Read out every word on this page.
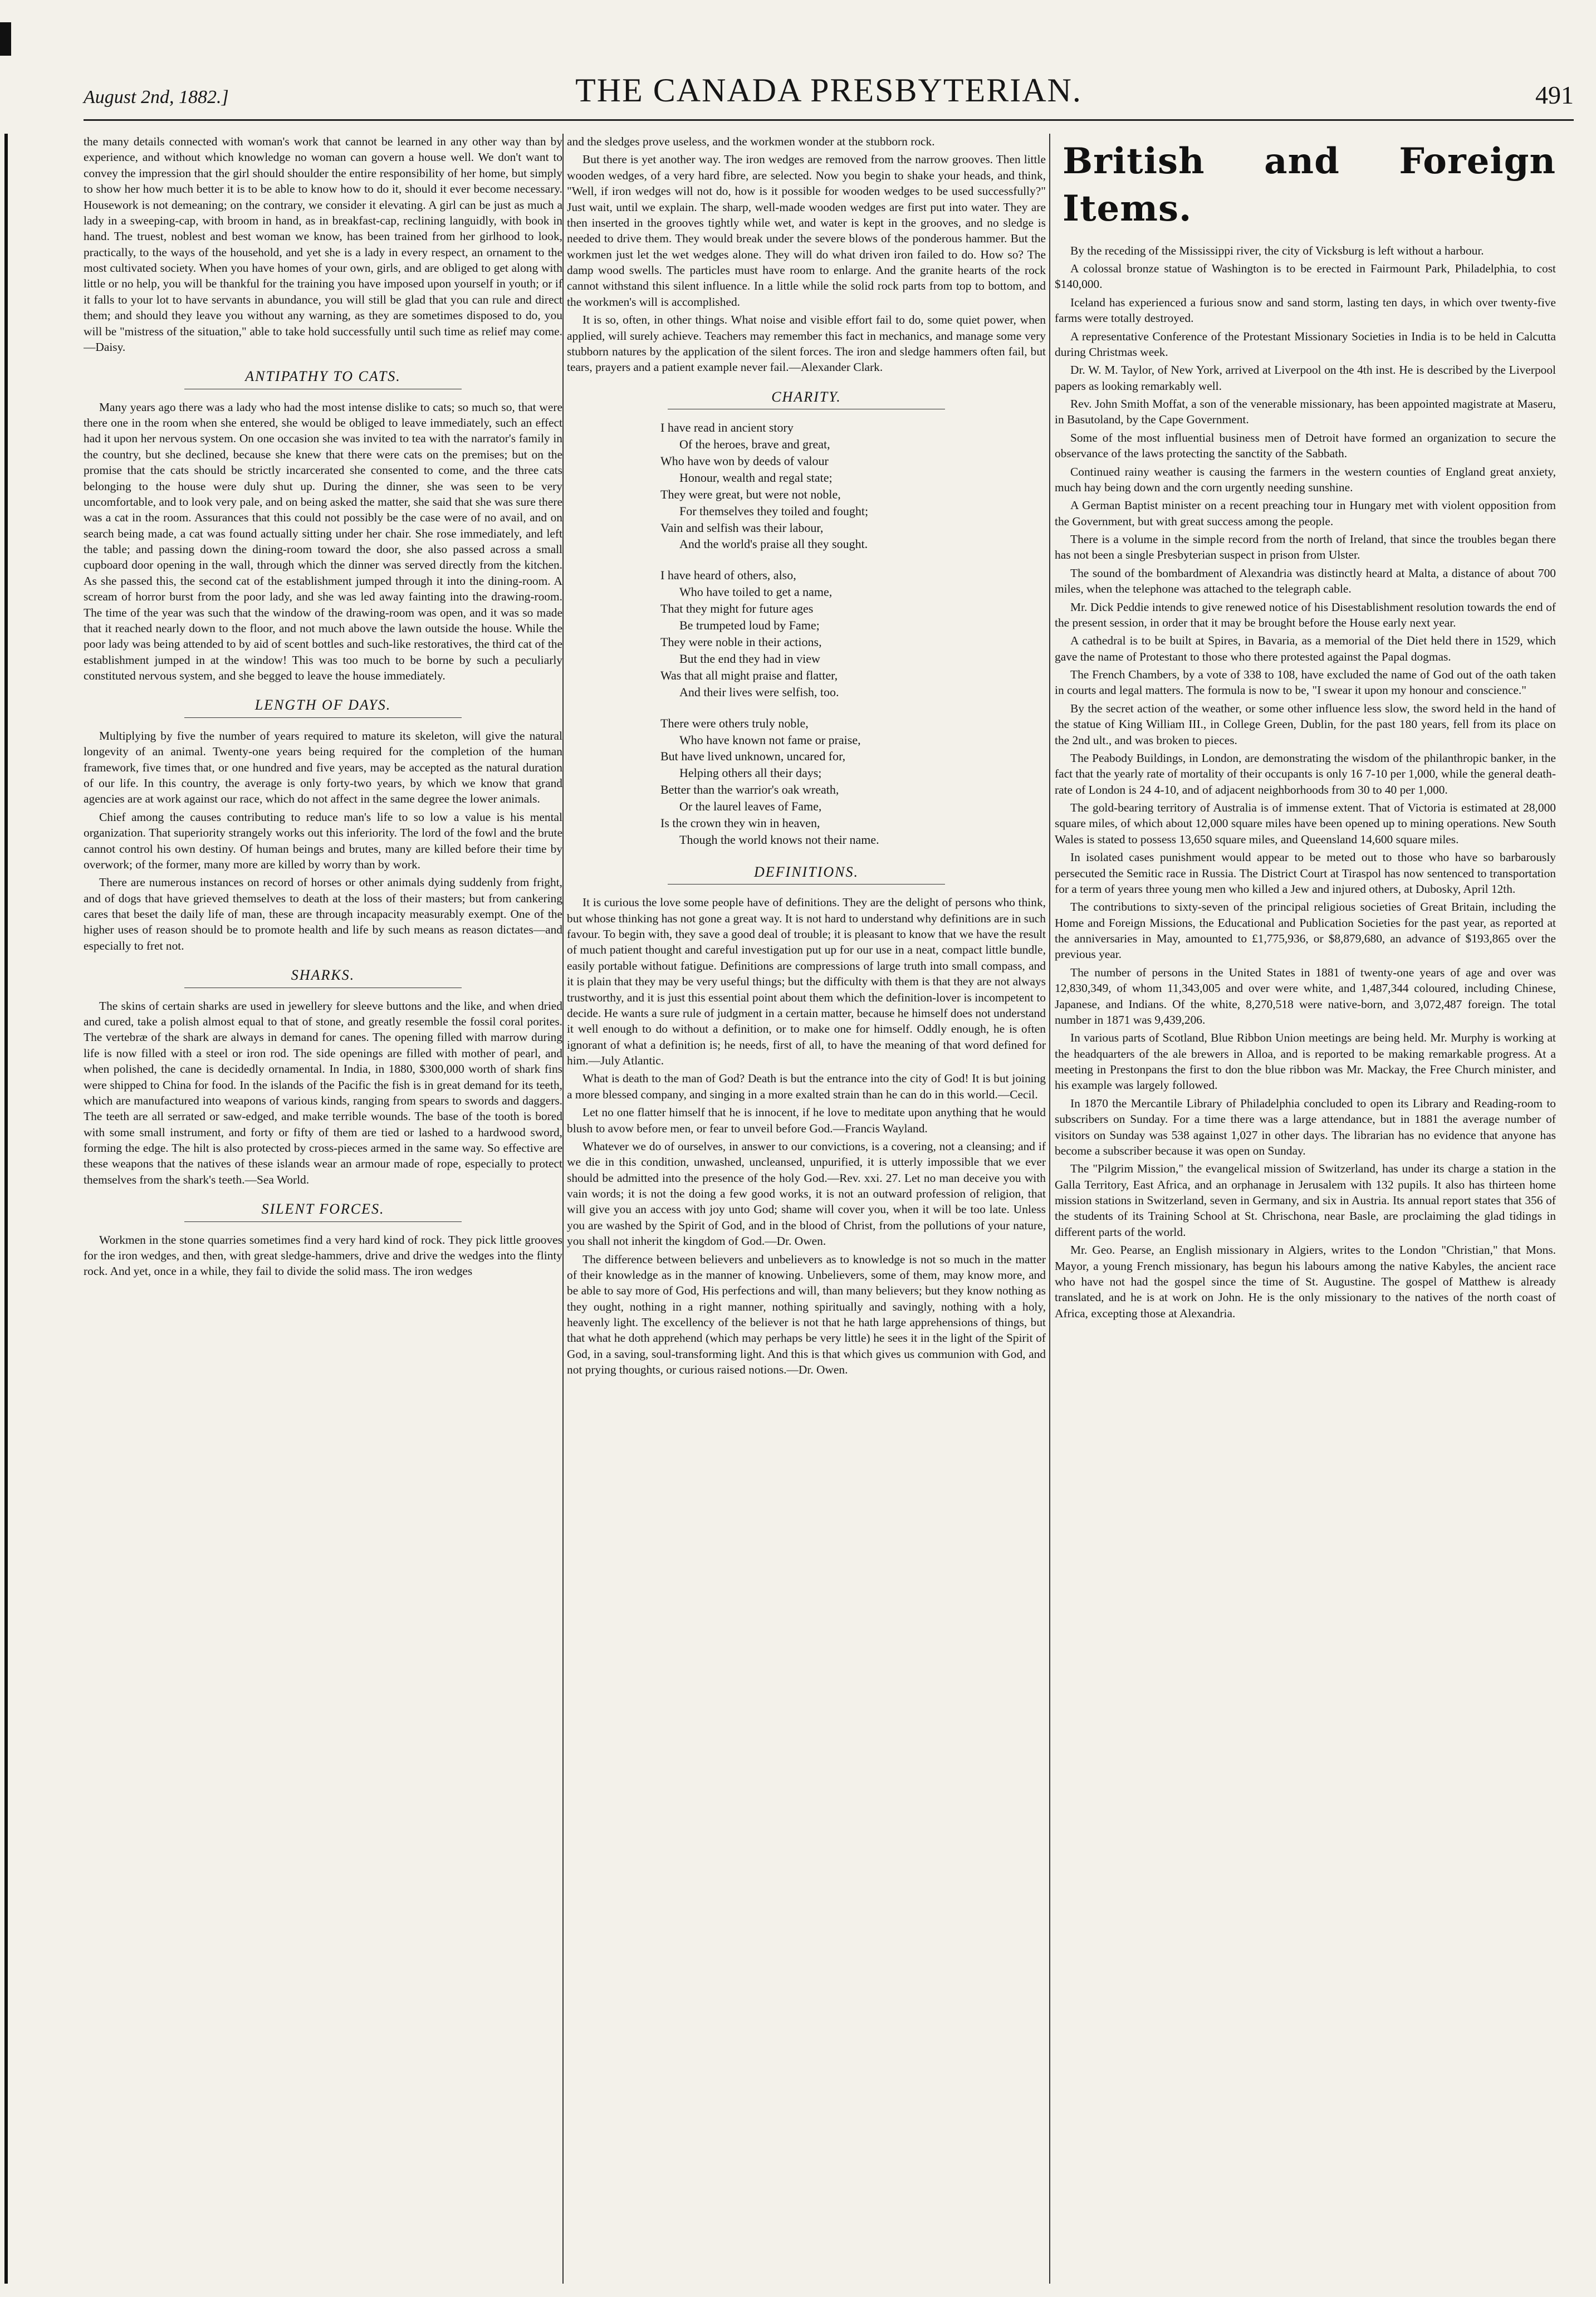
August 2nd, 1882.]	THE CANADA PRESBYTERIAN.	491

the many details connected with woman's work that cannot be learned in any other way than by experience, and without which knowledge no woman can govern a house well. We don't want to convey the impression that the girl should shoulder the entire responsibility of her home, but simply to show her how much better it is to be able to know how to do it, should it ever become necessary. Housework is not demeaning; on the contrary, we consider it elevating. A girl can be just as much a lady in a sweeping-cap, with broom in hand, as in breakfast-cap, reclining languidly, with book in hand. The truest, noblest and best woman we know, has been trained from her girlhood to look, practically, to the ways of the household, and yet she is a lady in every respect, an ornament to the most cultivated society. When you have homes of your own, girls, and are obliged to get along with little or no help, you will be thankful for the training you have imposed upon yourself in youth; or if it falls to your lot to have servants in abundance, you will still be glad that you can rule and direct them; and should they leave you without any warning, as they are sometimes disposed to do, you will be "mistress of the situation," able to take hold successfully until such time as relief may come.—Daisy.

ANTIPATHY TO CATS.

Many years ago there was a lady who had the most intense dislike to cats; so much so, that were there one in the room when she entered, she would be obliged to leave immediately, such an effect had it upon her nervous system. On one occasion she was invited to tea with the narrator's family in the country, but she declined, because she knew that there were cats on the premises; but on the promise that the cats should be strictly incarcerated she consented to come, and the three cats belonging to the house were duly shut up. During the dinner, she was seen to be very uncomfortable, and to look very pale, and on being asked the matter, she said that she was sure there was a cat in the room. Assurances that this could not possibly be the case were of no avail, and on search being made, a cat was found actually sitting under her chair. She rose immediately, and left the table; and passing down the dining-room toward the door, she also passed across a small cupboard door opening in the wall, through which the dinner was served directly from the kitchen. As she passed this, the second cat of the establishment jumped through it into the dining-room. A scream of horror burst from the poor lady, and she was led away fainting into the drawing-room. The time of the year was such that the window of the drawing-room was open, and it was so made that it reached nearly down to the floor, and not much above the lawn outside the house. While the poor lady was being attended to by aid of scent bottles and such-like restoratives, the third cat of the establishment jumped in at the window! This was too much to be borne by such a peculiarly constituted nervous system, and she begged to leave the house immediately.

LENGTH OF DAYS.

Multiplying by five the number of years required to mature its skeleton, will give the natural longevity of an animal. Twenty-one years being required for the completion of the human framework, five times that, or one hundred and five years, may be accepted as the natural duration of our life. In this country, the average is only forty-two years, by which we know that grand agencies are at work against our race, which do not affect in the same degree the lower animals.

Chief among the causes contributing to reduce man's life to so low a value is his mental organization. That superiority strangely works out this inferiority. The lord of the fowl and the brute cannot control his own destiny. Of human beings and brutes, many are killed before their time by overwork; of the former, many more are killed by worry than by work.

There are numerous instances on record of horses or other animals dying suddenly from fright, and of dogs that have grieved themselves to death at the loss of their masters; but from cankering cares that beset the daily life of man, these are through incapacity measurably exempt. One of the higher uses of reason should be to promote health and life by such means as reason dictates—and especially to fret not.

SHARKS.

The skins of certain sharks are used in jewellery for sleeve buttons and the like, and when dried and cured, take a polish almost equal to that of stone, and greatly resemble the fossil coral porites. The vertebræ of the shark are always in demand for canes. The opening filled with marrow during life is now filled with a steel or iron rod. The side openings are filled with mother of pearl, and when polished, the cane is decidedly ornamental. In India, in 1880, $300,000 worth of shark fins were shipped to China for food. In the islands of the Pacific the fish is in great demand for its teeth, which are manufactured into weapons of various kinds, ranging from spears to swords and daggers. The teeth are all serrated or saw-edged, and make terrible wounds. The base of the tooth is bored with some small instrument, and forty or fifty of them are tied or lashed to a hardwood sword, forming the edge. The hilt is also protected by cross-pieces armed in the same way. So effective are these weapons that the natives of these islands wear an armour made of rope, especially to protect themselves from the shark's teeth.—Sea World.

SILENT FORCES.

Workmen in the stone quarries sometimes find a very hard kind of rock. They pick little grooves for the iron wedges, and then, with great sledge-hammers, drive and drive the wedges into the flinty rock. And yet, once in a while, they fail to divide the solid mass. The iron wedges

and the sledges prove useless, and the workmen wonder at the stubborn rock.

But there is yet another way. The iron wedges are removed from the narrow grooves. Then little wooden wedges, of a very hard fibre, are selected. Now you begin to shake your heads, and think, "Well, if iron wedges will not do, how is it possible for wooden wedges to be used successfully?" Just wait, until we explain. The sharp, well-made wooden wedges are first put into water. They are then inserted in the grooves tightly while wet, and water is kept in the grooves, and no sledge is needed to drive them. They would break under the severe blows of the ponderous hammer. But the workmen just let the wet wedges alone. They will do what driven iron failed to do. How so? The damp wood swells. The particles must have room to enlarge. And the granite hearts of the rock cannot withstand this silent influence. In a little while the solid rock parts from top to bottom, and the workmen's will is accomplished.

It is so, often, in other things. What noise and visible effort fail to do, some quiet power, when applied, will surely achieve. Teachers may remember this fact in mechanics, and manage some very stubborn natures by the application of the silent forces. The iron and sledge hammers often fail, but tears, prayers and a patient example never fail.—Alexander Clark.

CHARITY.
I have read in ancient story
Of the heroes, brave and great,
Who have won by deeds of valour
Honour, wealth and regal state;
They were great, but were not noble,
For themselves they toiled and fought;
Vain and selfish was their labour,
And the world's praise all they sought.
I have heard of others, also,
Who have toiled to get a name,
That they might for future ages
Be trumpeted loud by Fame;
They were noble in their actions,
But the end they had in view
Was that all might praise and flatter,
And their lives were selfish, too.
There were others truly noble,
Who have known not fame or praise,
But have lived unknown, uncared for,
Helping others all their days;
Better than the warrior's oak wreath,
Or the laurel leaves of Fame,
Is the crown they win in heaven,
Though the world knows not their name.
DEFINITIONS.

It is curious the love some people have of definitions. They are the delight of persons who think, but whose thinking has not gone a great way. It is not hard to understand why definitions are in such favour. To begin with, they save a good deal of trouble; it is pleasant to know that we have the result of much patient thought and careful investigation put up for our use in a neat, compact little bundle, easily portable without fatigue. Definitions are compressions of large truth into small compass, and it is plain that they may be very useful things; but the difficulty with them is that they are not always trustworthy, and it is just this essential point about them which the definition-lover is incompetent to decide. He wants a sure rule of judgment in a certain matter, because he himself does not understand it well enough to do without a definition, or to make one for himself. Oddly enough, he is often ignorant of what a definition is; he needs, first of all, to have the meaning of that word defined for him.—July Atlantic.

What is death to the man of God? Death is but the entrance into the city of God! It is but joining a more blessed company, and singing in a more exalted strain than he can do in this world.—Cecil.

Let no one flatter himself that he is innocent, if he love to meditate upon anything that he would blush to avow before men, or fear to unveil before God.—Francis Wayland.

Whatever we do of ourselves, in answer to our convictions, is a covering, not a cleansing; and if we die in this condition, unwashed, uncleansed, unpurified, it is utterly impossible that we ever should be admitted into the presence of the holy God.—Rev. xxi. 27. Let no man deceive you with vain words; it is not the doing a few good works, it is not an outward profession of religion, that will give you an access with joy unto God; shame will cover you, when it will be too late. Unless you are washed by the Spirit of God, and in the blood of Christ, from the pollutions of your nature, you shall not inherit the kingdom of God.—Dr. Owen.

The difference between believers and unbelievers as to knowledge is not so much in the matter of their knowledge as in the manner of knowing. Unbelievers, some of them, may know more, and be able to say more of God, His perfections and will, than many believers; but they know nothing as they ought, nothing in a right manner, nothing spiritually and savingly, nothing with a holy, heavenly light. The excellency of the believer is not that he hath large apprehensions of things, but that what he doth apprehend (which may perhaps be very little) he sees it in the light of the Spirit of God, in a saving, soul-transforming light. And this is that which gives us communion with God, and not prying thoughts, or curious raised notions.—Dr. Owen.

British and Foreign Items.

By the receding of the Mississippi river, the city of Vicksburg is left without a harbour.

A colossal bronze statue of Washington is to be erected in Fairmount Park, Philadelphia, to cost $140,000.

Iceland has experienced a furious snow and sand storm, lasting ten days, in which over twenty-five farms were totally destroyed.

A representative Conference of the Protestant Missionary Societies in India is to be held in Calcutta during Christmas week.

Dr. W. M. Taylor, of New York, arrived at Liverpool on the 4th inst. He is described by the Liverpool papers as looking remarkably well.

Rev. John Smith Moffat, a son of the venerable missionary, has been appointed magistrate at Maseru, in Basutoland, by the Cape Government.

Some of the most influential business men of Detroit have formed an organization to secure the observance of the laws protecting the sanctity of the Sabbath.

Continued rainy weather is causing the farmers in the western counties of England great anxiety, much hay being down and the corn urgently needing sunshine.

A German Baptist minister on a recent preaching tour in Hungary met with violent opposition from the Government, but with great success among the people.

There is a volume in the simple record from the north of Ireland, that since the troubles began there has not been a single Presbyterian suspect in prison from Ulster.

The sound of the bombardment of Alexandria was distinctly heard at Malta, a distance of about 700 miles, when the telephone was attached to the telegraph cable.

Mr. Dick Peddie intends to give renewed notice of his Disestablishment resolution towards the end of the present session, in order that it may be brought before the House early next year.

A cathedral is to be built at Spires, in Bavaria, as a memorial of the Diet held there in 1529, which gave the name of Protestant to those who there protested against the Papal dogmas.

The French Chambers, by a vote of 338 to 108, have excluded the name of God out of the oath taken in courts and legal matters. The formula is now to be, "I swear it upon my honour and conscience."

By the secret action of the weather, or some other influence less slow, the sword held in the hand of the statue of King William III., in College Green, Dublin, for the past 180 years, fell from its place on the 2nd ult., and was broken to pieces.

The Peabody Buildings, in London, are demonstrating the wisdom of the philanthropic banker, in the fact that the yearly rate of mortality of their occupants is only 16 7-10 per 1,000, while the general death-rate of London is 24 4-10, and of adjacent neighborhoods from 30 to 40 per 1,000.

The gold-bearing territory of Australia is of immense extent. That of Victoria is estimated at 28,000 square miles, of which about 12,000 square miles have been opened up to mining operations. New South Wales is stated to possess 13,650 square miles, and Queensland 14,600 square miles.

In isolated cases punishment would appear to be meted out to those who have so barbarously persecuted the Semitic race in Russia. The District Court at Tiraspol has now sentenced to transportation for a term of years three young men who killed a Jew and injured others, at Dubosky, April 12th.

The contributions to sixty-seven of the principal religious societies of Great Britain, including the Home and Foreign Missions, the Educational and Publication Societies for the past year, as reported at the anniversaries in May, amounted to £1,775,936, or $8,879,680, an advance of $193,865 over the previous year.

The number of persons in the United States in 1881 of twenty-one years of age and over was 12,830,349, of whom 11,343,005 and over were white, and 1,487,344 coloured, including Chinese, Japanese, and Indians. Of the white, 8,270,518 were native-born, and 3,072,487 foreign. The total number in 1871 was 9,439,206.

In various parts of Scotland, Blue Ribbon Union meetings are being held. Mr. Murphy is working at the headquarters of the ale brewers in Alloa, and is reported to be making remarkable progress. At a meeting in Prestonpans the first to don the blue ribbon was Mr. Mackay, the Free Church minister, and his example was largely followed.

In 1870 the Mercantile Library of Philadelphia concluded to open its Library and Reading-room to subscribers on Sunday. For a time there was a large attendance, but in 1881 the average number of visitors on Sunday was 538 against 1,027 in other days. The librarian has no evidence that anyone has become a subscriber because it was open on Sunday.

The "Pilgrim Mission," the evangelical mission of Switzerland, has under its charge a station in the Galla Territory, East Africa, and an orphanage in Jerusalem with 132 pupils. It also has thirteen home mission stations in Switzerland, seven in Germany, and six in Austria. Its annual report states that 356 of the students of its Training School at St. Chrischona, near Basle, are proclaiming the glad tidings in different parts of the world.

Mr. Geo. Pearse, an English missionary in Algiers, writes to the London "Christian," that Mons. Mayor, a young French missionary, has begun his labours among the native Kabyles, the ancient race who have not had the gospel since the time of St. Augustine. The gospel of Matthew is already translated, and he is at work on John. He is the only missionary to the natives of the north coast of Africa, excepting those at Alexandria.
